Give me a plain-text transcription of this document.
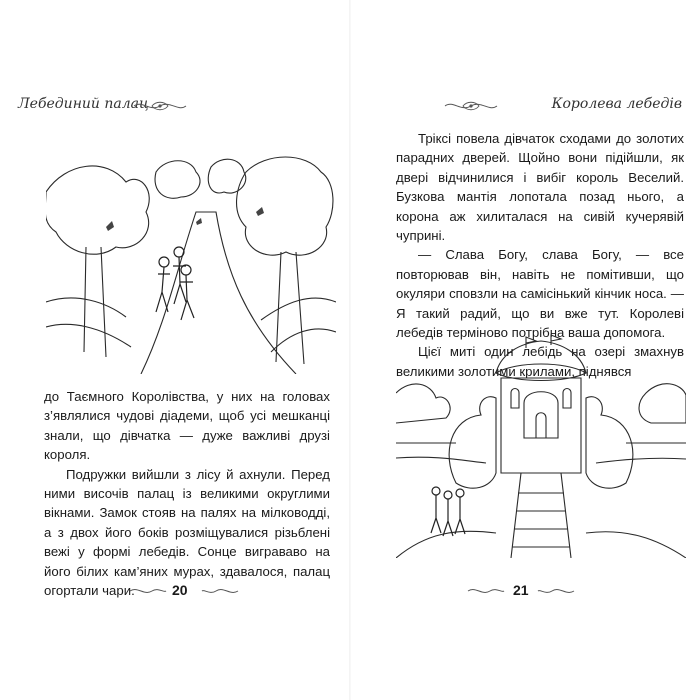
Лебединий палац

до Таємного Королівства, у них на головах з’являлися чудові діадеми, щоб усі мешканці знали, що дівчатка — дуже важливі друзі короля.

Подружки вийшли з лісу й ахнули. Перед ними височів палац із великими округлими вікнами. Замок стояв на палях на мілководді, а з двох його боків розміщувалися різьблені вежі у формі лебедів. Сонце виграваво на його білих кам’яних мурах, здавалося, палац огортали чари.	20
Королева лебедів

Тріксі повела дівчаток сходами до золотих парадних дверей. Щойно вони підійшли, як двері відчинилися і вибіг король Веселий. Бузкова мантія лопотала позад нього, а корона аж хилиталася на сивій кучерявій чуприні.

— Слава Богу, слава Богу, — все повторював він, навіть не помітивши, що окуляри сповзли на самісінький кінчик носа. — Я такий радий, що ви вже тут. Королеві лебедів терміново потрібна ваша допомога.

Цієї миті один лебідь на озері змахнув великими золотими крилами, піднявся

21
